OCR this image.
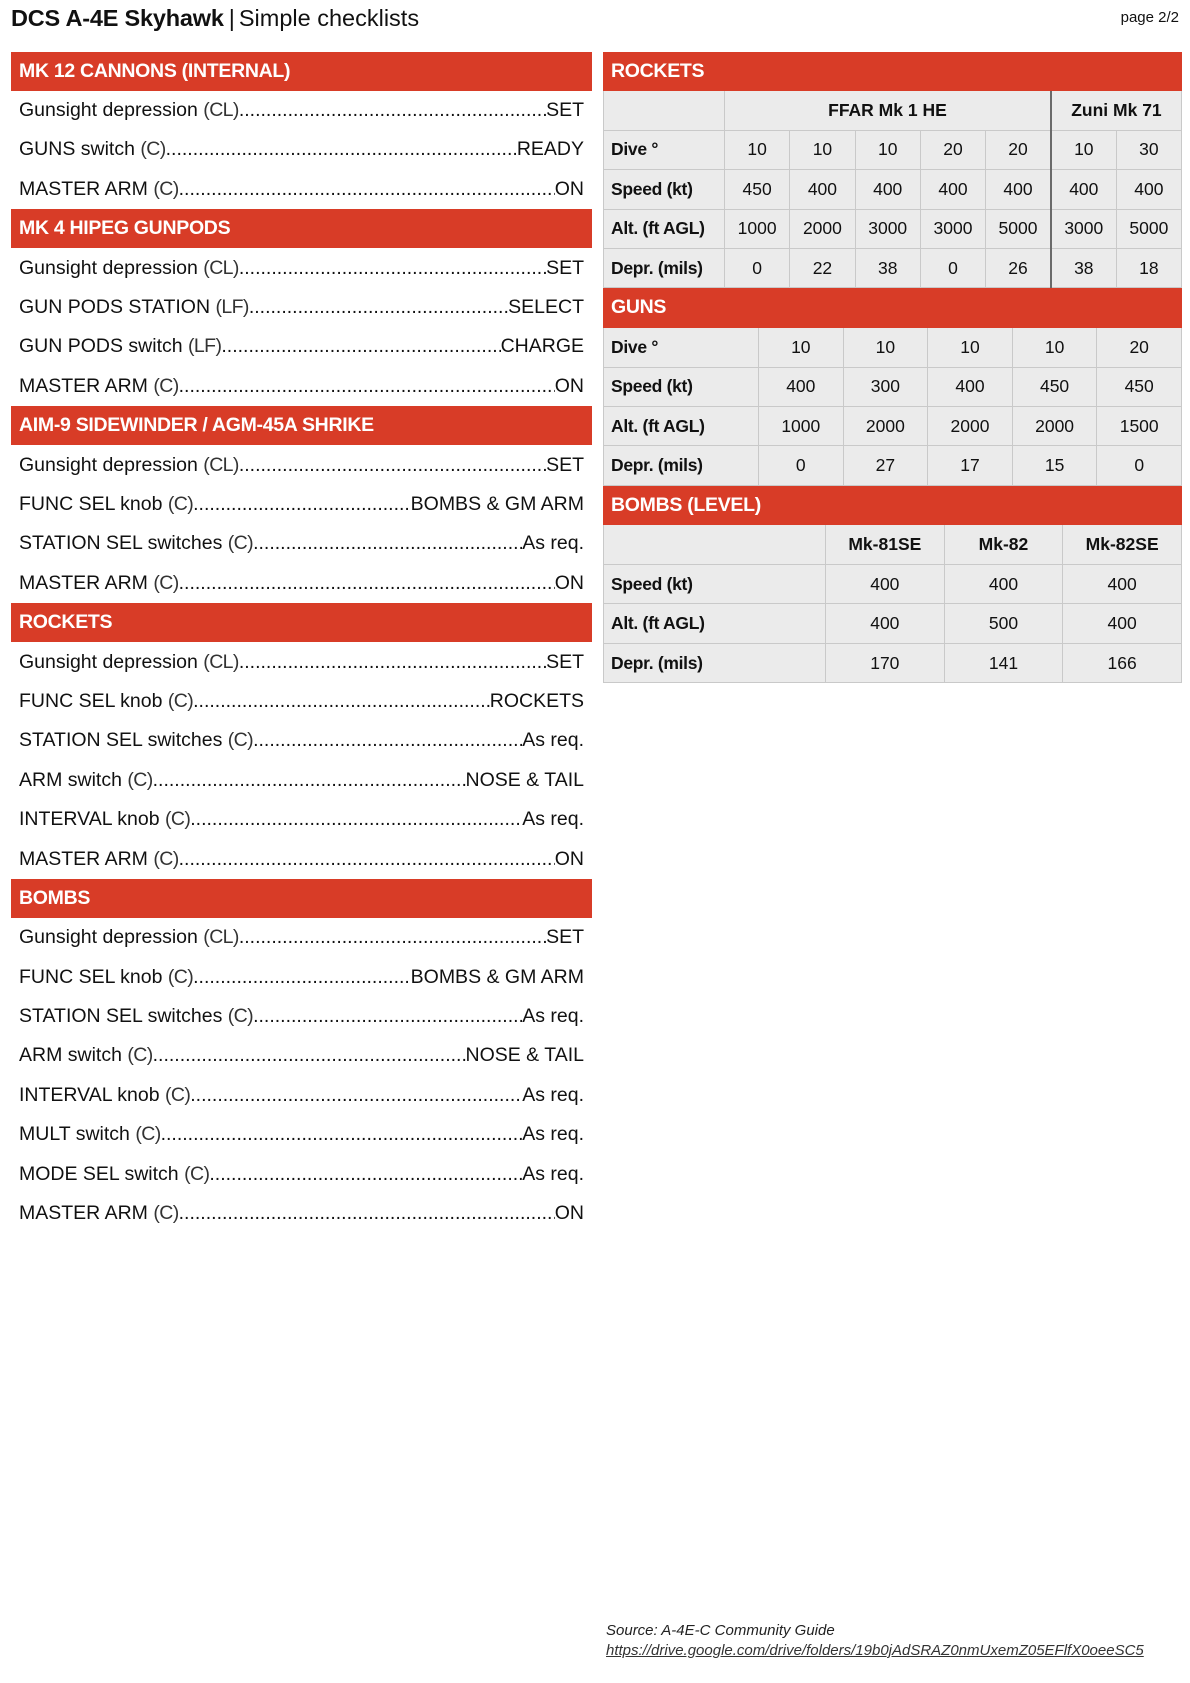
DCS A-4E Skyhawk | Simple checklists	page 2/2
MK 12 CANNONS (INTERNAL)
Gunsight depression (CL) .....	SET
GUNS switch (C) .....	READY
MASTER ARM (C) .....	ON
MK 4 HIPEG GUNPODS
Gunsight depression (CL) .....	SET
GUN PODS STATION (LF) .....	SELECT
GUN PODS switch (LF) .....	CHARGE
MASTER ARM (C) .....	ON
AIM-9 SIDEWINDER / AGM-45A SHRIKE
Gunsight depression (CL) .....	SET
FUNC SEL knob (C) .....	BOMBS & GM ARM
STATION SEL switches (C) .....	As req.
MASTER ARM (C) .....	ON
ROCKETS
Gunsight depression (CL) .....	SET
FUNC SEL knob (C) .....	ROCKETS
STATION SEL switches (C) .....	As req.
ARM switch (C) .....	NOSE & TAIL
INTERVAL knob (C) .....	As req.
MASTER ARM (C) .....	ON
BOMBS
Gunsight depression (CL) .....	SET
FUNC SEL knob (C) .....	BOMBS & GM ARM
STATION SEL switches (C) .....	As req.
ARM switch (C) .....	NOSE & TAIL
INTERVAL knob (C) .....	As req.
MULT switch (C) .....	As req.
MODE SEL switch (C) .....	As req.
MASTER ARM (C) .....	ON
ROCKETS
	FFAR Mk 1 HE					Zuni Mk 71	
Dive °	10	10	10	20	20	10	30
Speed (kt)	450	400	400	400	400	400	400
Alt. (ft AGL)	1000	2000	3000	3000	5000	3000	5000
Depr. (mils)	0	22	38	0	26	38	18
GUNS
Dive °	10	10	10	10	20
Speed (kt)	400	300	400	450	450
Alt. (ft AGL)	1000	2000	2000	2000	1500
Depr. (mils)	0	27	17	15	0
BOMBS (LEVEL)
	Mk-81SE	Mk-82	Mk-82SE
Speed (kt)	400	400	400
Alt. (ft AGL)	400	500	400
Depr. (mils)	170	141	166
Source: A-4E-C Community Guide
https://drive.google.com/drive/folders/19b0jAdSRAZ0nmUxemZ05EFlfX0oeeSC5
